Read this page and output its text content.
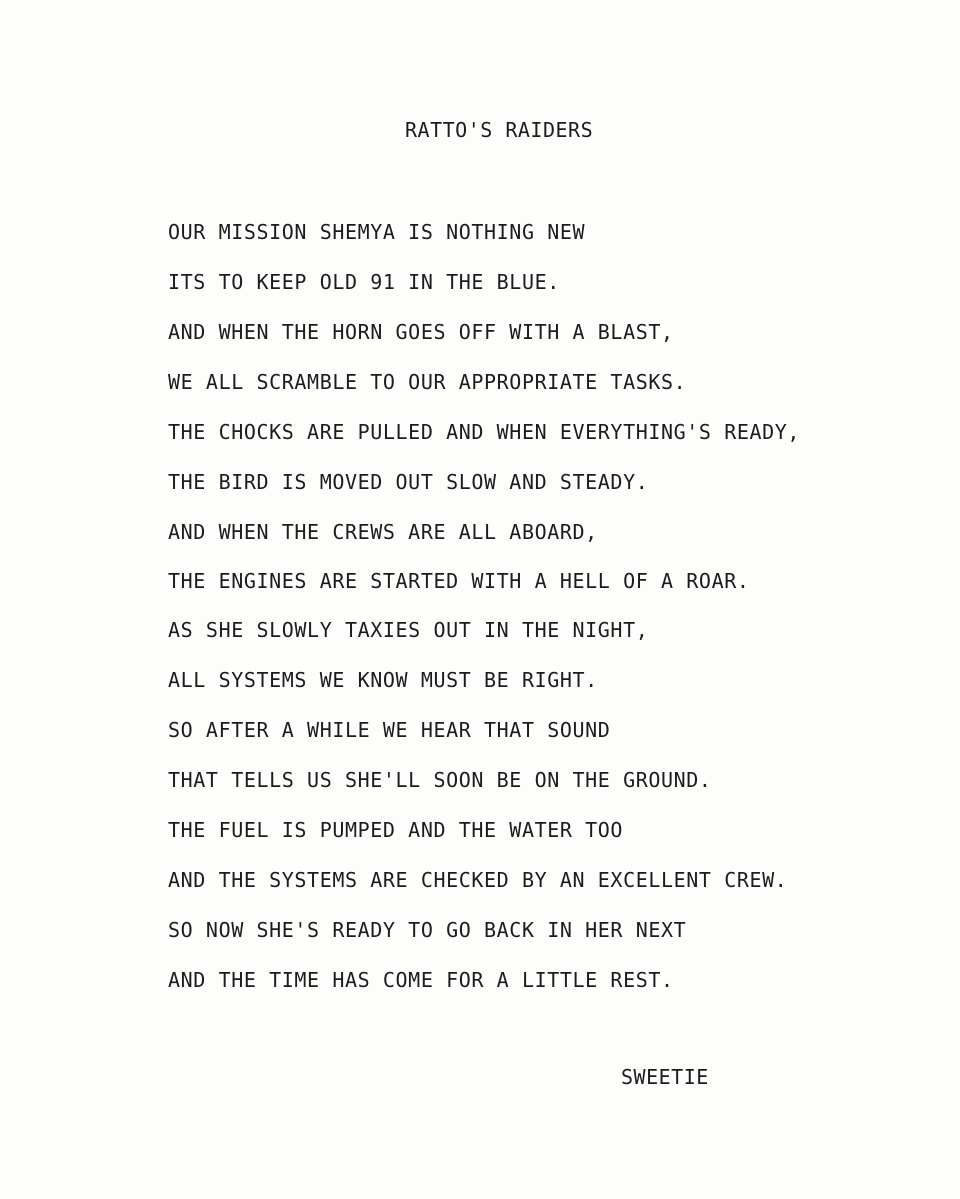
RATTO'S RAIDERS
OUR MISSION SHEMYA IS NOTHING NEW
ITS TO KEEP OLD 91 IN THE BLUE.
AND WHEN THE HORN GOES OFF WITH A BLAST,
WE ALL SCRAMBLE TO OUR APPROPRIATE TASKS.
THE CHOCKS ARE PULLED AND WHEN EVERYTHING'S READY,
THE BIRD IS MOVED OUT SLOW AND STEADY.
AND WHEN THE CREWS ARE ALL ABOARD,
THE ENGINES ARE STARTED WITH A HELL OF A ROAR.
AS SHE SLOWLY TAXIES OUT IN THE NIGHT,
ALL SYSTEMS WE KNOW MUST BE RIGHT.
SO AFTER A WHILE WE HEAR THAT SOUND
THAT TELLS US SHE'LL SOON BE ON THE GROUND.
THE FUEL IS PUMPED AND THE WATER TOO
AND THE SYSTEMS ARE CHECKED BY AN EXCELLENT CREW.
SO NOW SHE'S READY TO GO BACK IN HER NEXT
AND THE TIME HAS COME FOR A LITTLE REST.
SWEETIE
